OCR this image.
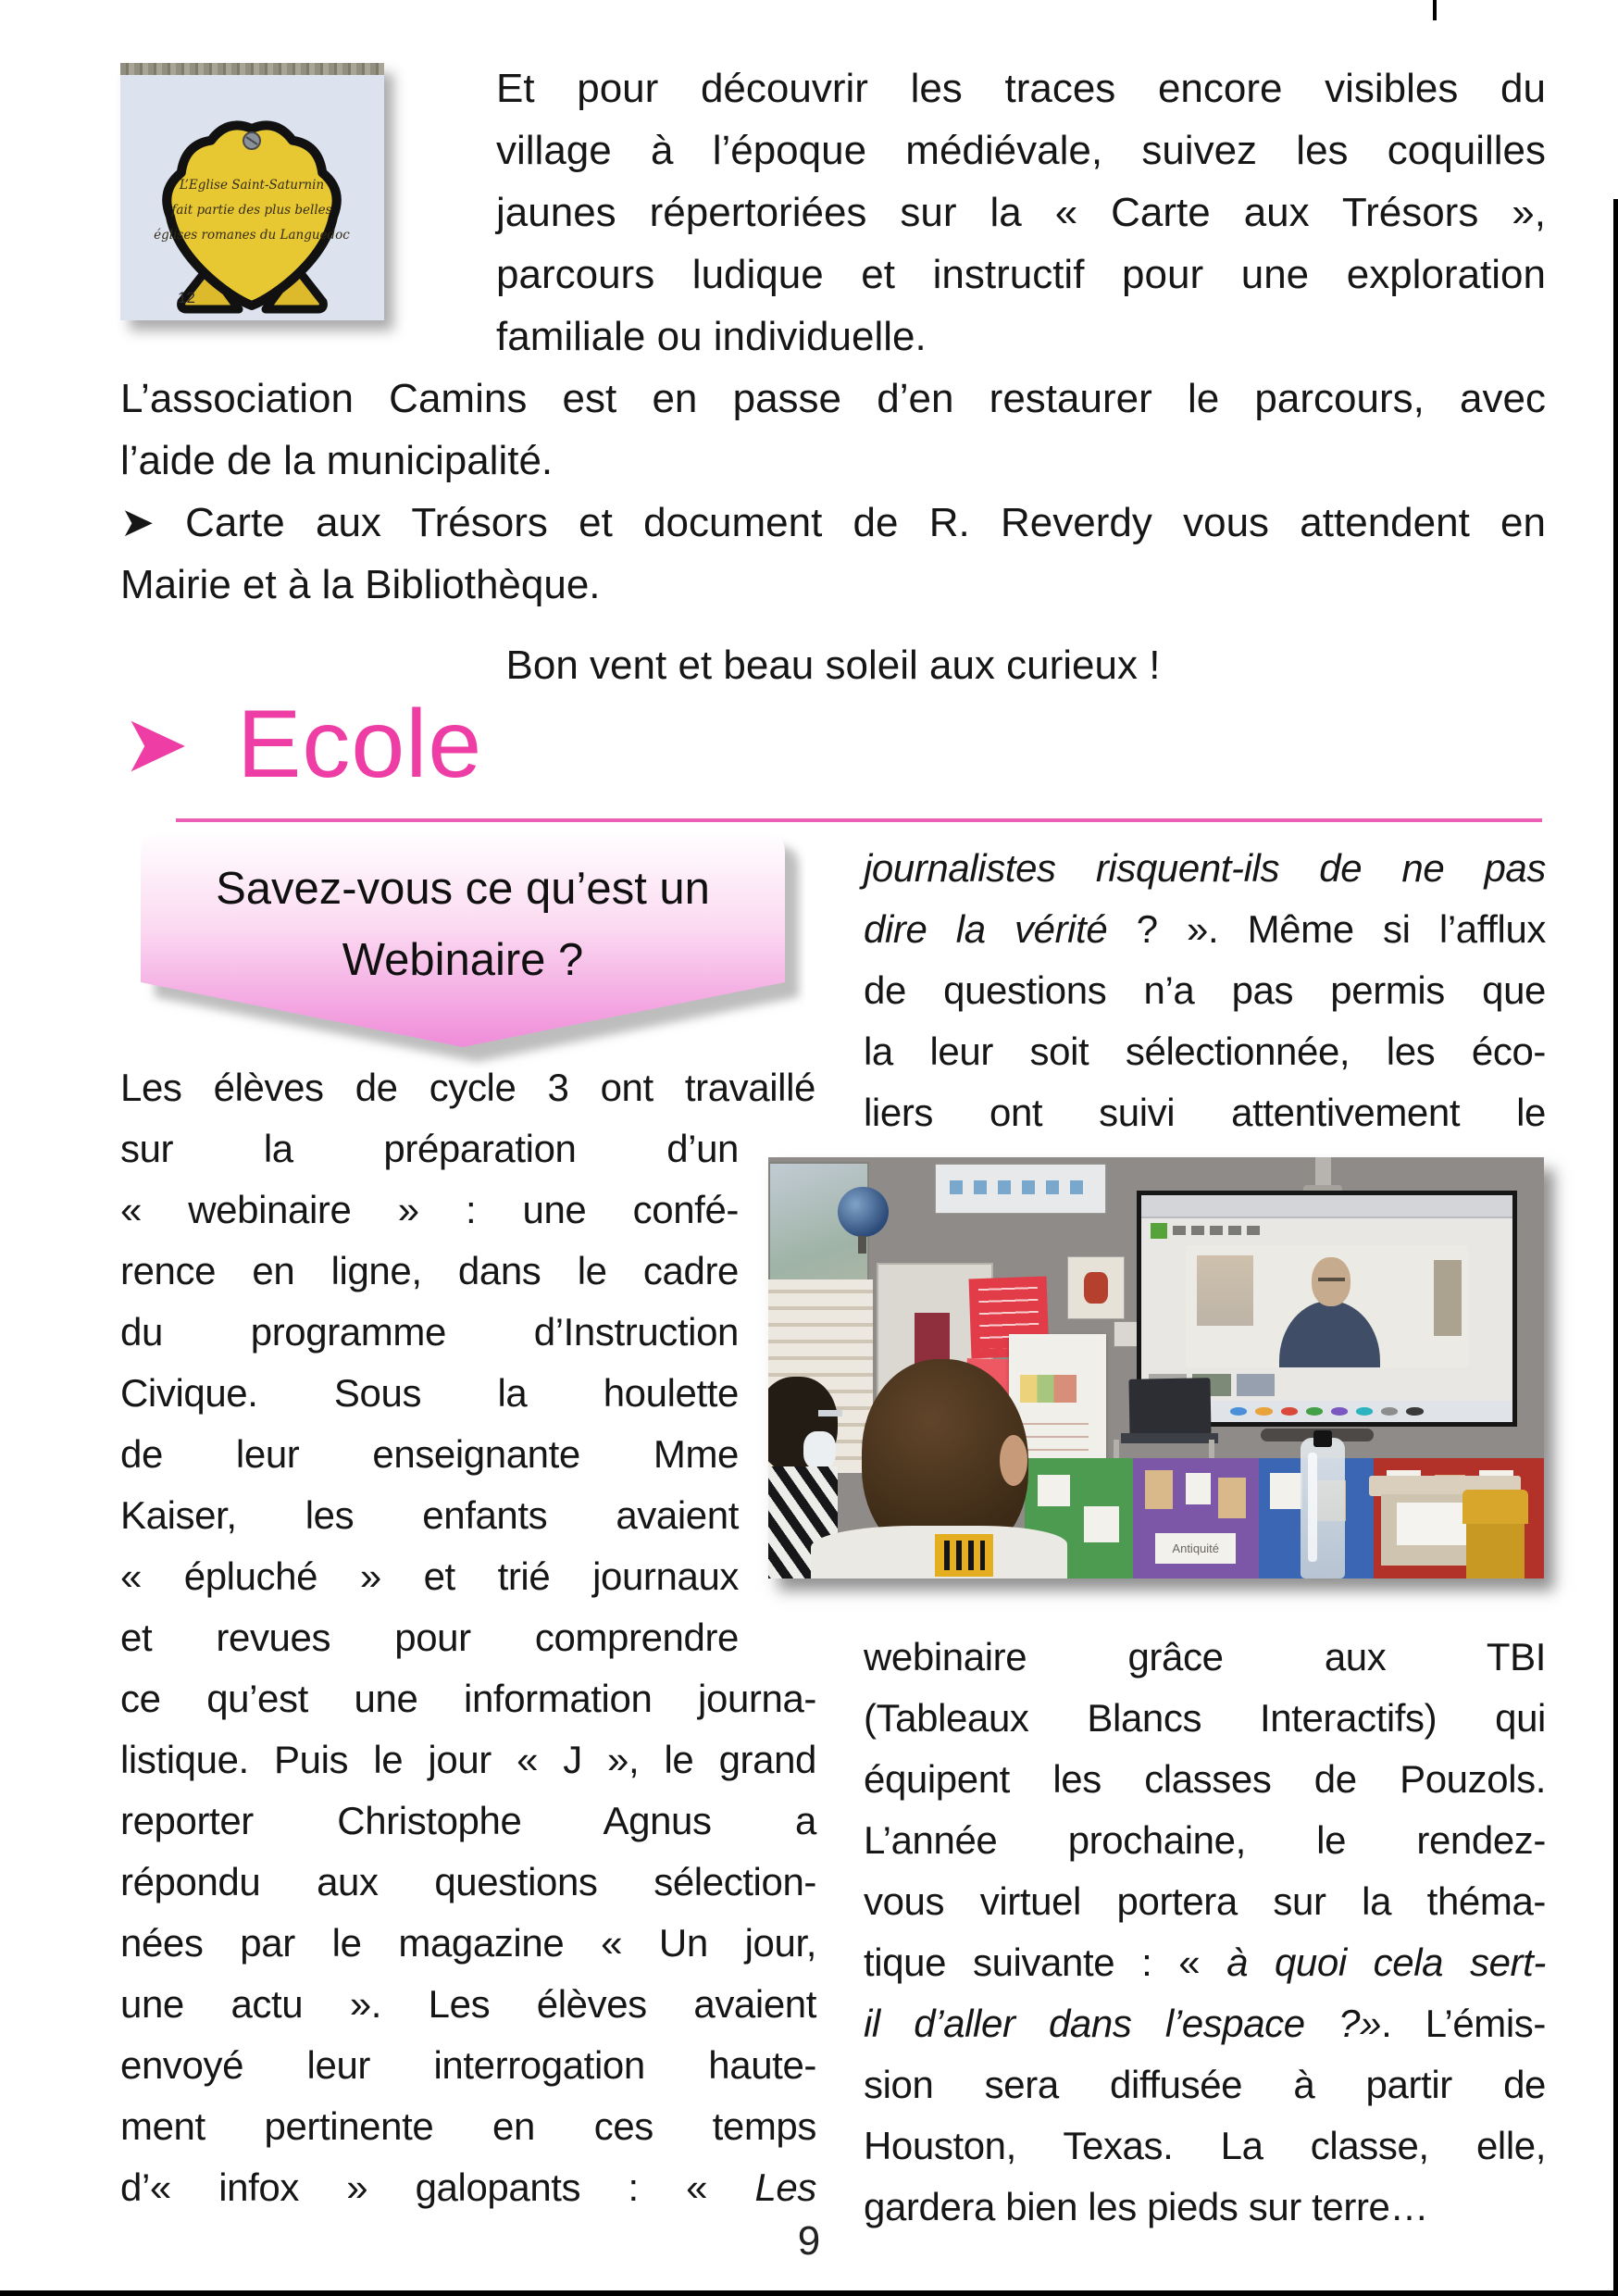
L’Eglise Saint-Saturnin
fait partie des plus belles
églises romanes du Languedoc
12
Et pour découvrir les traces encore visibles du
village à l’époque médiévale, suivez les coquilles
jaunes répertoriées sur la « Carte aux Trésors »,
parcours ludique et instructif pour une exploration
familiale ou individuelle.
L’association Camins est en passe d’en restaurer le parcours, avec
l’aide de la municipalité.
➤ Carte aux Trésors et document de R. Reverdy vous attendent en
Mairie et à la Bibliothèque.
Bon vent et beau soleil aux curieux !
➤ Ecole
Savez-vous ce qu’est un
Webinaire ?
Les élèves de cycle 3 ont travaillé
sur la préparation d’un
« webinaire » : une confé-
rence en ligne, dans le cadre
du programme d’Instruction
Civique. Sous la houlette
de leur enseignante Mme
Kaiser, les enfants avaient
« épluché » et trié journaux
et revues pour comprendre
ce qu’est une information journa-
listique. Puis le jour « J », le grand
reporter Christophe Agnus a
répondu aux questions sélection-
nées par le magazine « Un jour,
une actu ». Les élèves avaient
envoyé leur interrogation haute-
ment pertinente en ces temps
d’« infox » galopants : « Les
journalistes risquent-ils de ne pas
dire la vérité ? ». Même si l’afflux
de questions n’a pas permis que
la leur soit sélectionnée, les éco-
liers ont suivi attentivement le
Antiquité
webinaire grâce aux TBI
(Tableaux Blancs Interactifs) qui
équipent les classes de Pouzols.
L’année prochaine, le rendez-
vous virtuel portera sur la théma-
tique suivante : « à quoi cela sert-
il d’aller dans l’espace ?». L’émis-
sion sera diffusée à partir de
Houston, Texas. La classe, elle,
gardera bien les pieds sur terre…
9
